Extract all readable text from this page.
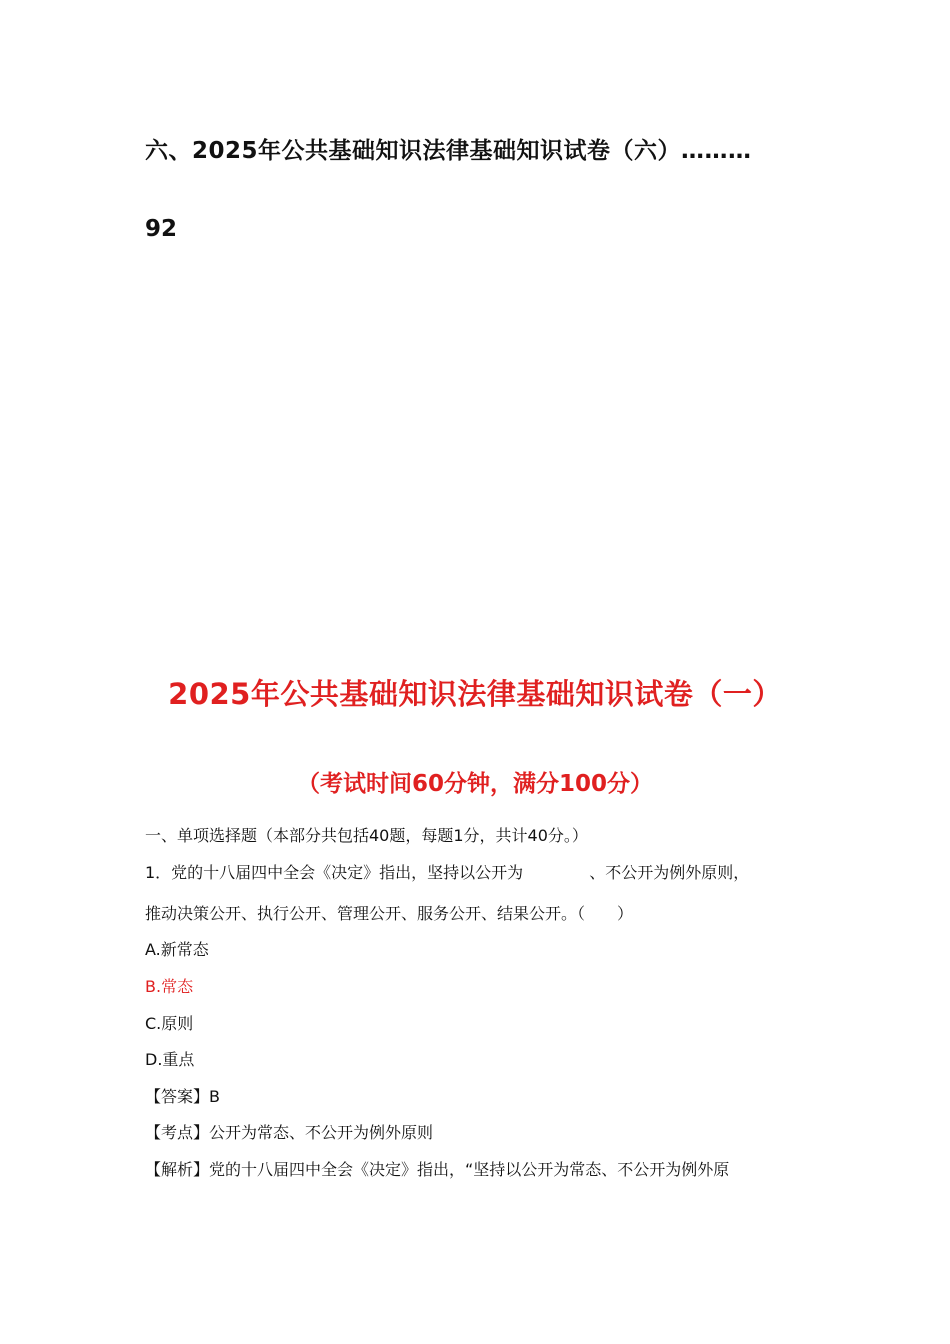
六、2025年公共基础知识法律基础知识试卷（六）………
92
2025年公共基础知识法律基础知识试卷（一）
（考试时间60分钟，满分100分）
一、单项选择题（本部分共包括40题，每题1分，共计40分。）
1．党的十八届四中全会《决定》指出，坚持以公开为	、不公开为例外原则，
推动决策公开、执行公开、管理公开、服务公开、结果公开。（　　）
A.新常态
B.常态
C.原则
D.重点
【答案】B
【考点】公开为常态、不公开为例外原则
【解析】党的十八届四中全会《决定》指出，“坚持以公开为常态、不公开为例外原
